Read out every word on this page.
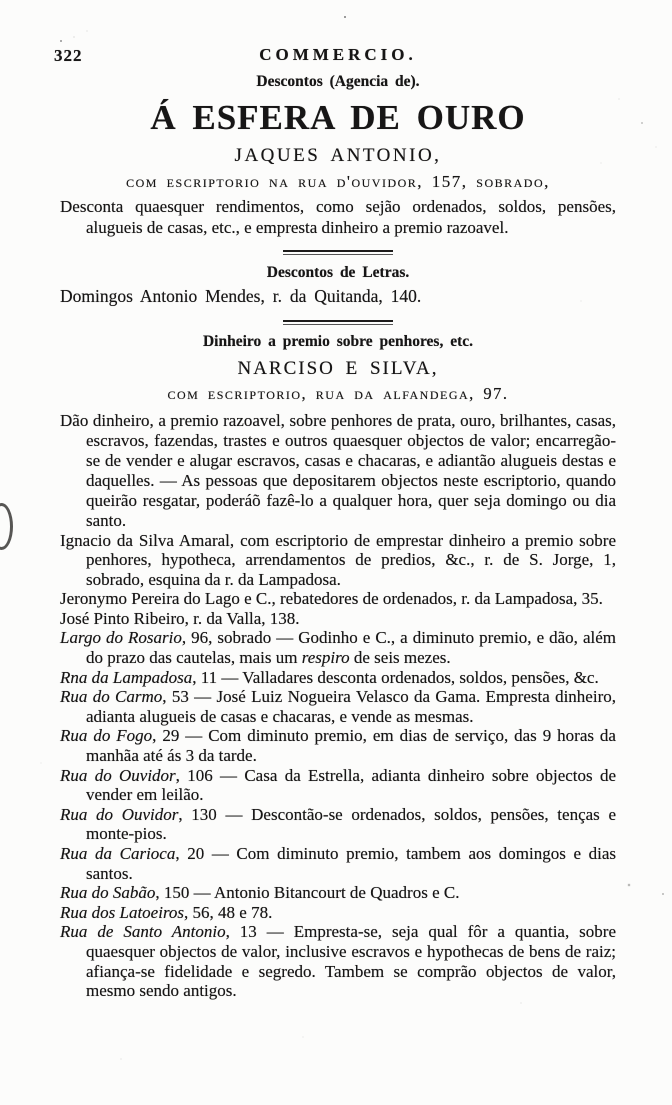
322	COMMERCIO.
Descontos (Agencia de).
Á ESFERA DE OURO
JAQUES ANTONIO,
com escriptorio na rua d'ouvidor, 157, sobrado,

Desconta quaesquer rendimentos, como sejão ordenados, soldos, pensões, alugueis de casas, etc., e empresta dinheiro a premio razoavel.

Descontos de Letras.

Domingos Antonio Mendes, r. da Quitanda, 140.

Dinheiro a premio sobre penhores, etc.
NARCISO E SILVA,
com escriptorio, rua da alfandega, 97.

Dão dinheiro, a premio razoavel, sobre penhores de prata, ouro, brilhantes, casas, escravos, fazendas, trastes e outros quaesquer objectos de valor; encarregão-se de vender e alugar escravos, casas e chacaras, e adiantão alugueis destas e daquelles. — As pessoas que depositarem objectos neste escriptorio, quando queirão resgatar, poderáõ fazê-lo a qualquer hora, quer seja domingo ou dia santo.

Ignacio da Silva Amaral, com escriptorio de emprestar dinheiro a premio sobre penhores, hypotheca, arrendamentos de predios, &c., r. de S. Jorge, 1, sobrado, esquina da r. da Lampadosa.

Jeronymo Pereira do Lago e C., rebatedores de ordenados, r. da Lampadosa, 35.

José Pinto Ribeiro, r. da Valla, 138.

Largo do Rosario, 96, sobrado — Godinho e C., a diminuto premio, e dão, além do prazo das cautelas, mais um respiro de seis mezes.

Rna da Lampadosa, 11 — Valladares desconta ordenados, soldos, pensões, &c.

Rua do Carmo, 53 — José Luiz Nogueira Velasco da Gama. Empresta dinheiro, adianta alugueis de casas e chacaras, e vende as mesmas.

Rua do Fogo, 29 — Com diminuto premio, em dias de serviço, das 9 horas da manhãa até ás 3 da tarde.

Rua do Ouvidor, 106 — Casa da Estrella, adianta dinheiro sobre objectos de vender em leilão.

Rua do Ouvidor, 130 — Descontão-se ordenados, soldos, pensões, tenças e monte-pios.

Rua da Carioca, 20 — Com diminuto premio, tambem aos domingos e dias santos.

Rua do Sabão, 150 — Antonio Bitancourt de Quadros e C.

Rua dos Latoeiros, 56, 48 e 78.

Rua de Santo Antonio, 13 — Empresta-se, seja qual fôr a quantia, sobre quaesquer objectos de valor, inclusive escravos e hypothecas de bens de raiz; afiança-se fidelidade e segredo. Tambem se comprão objectos de valor, mesmo sendo antigos.
